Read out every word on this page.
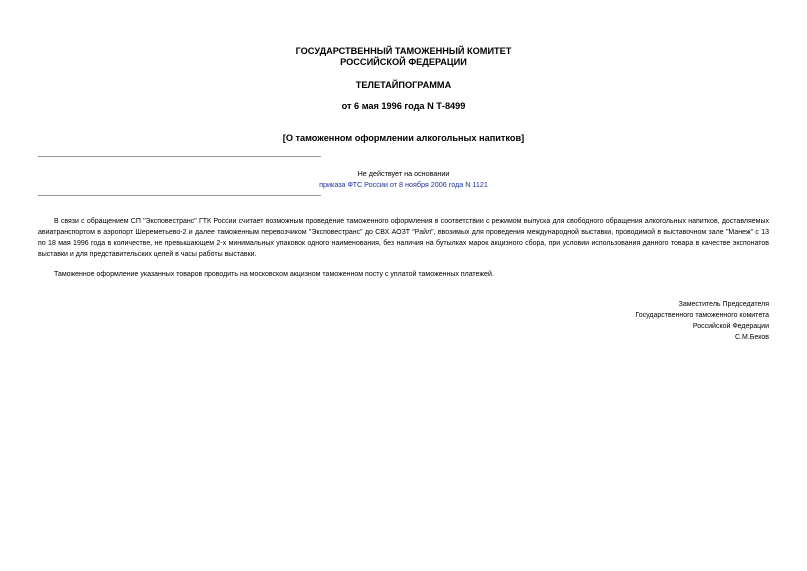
ГОСУДАРСТВЕННЫЙ ТАМОЖЕННЫЙ КОМИТЕТ
РОССИЙСКОЙ ФЕДЕРАЦИИ
ТЕЛЕТАЙПОГРАММА
от 6 мая 1996 года N Т-8499
[О таможенном оформлении алкогольных напитков]
Не действует на основании
приказа ФТС России от 8 ноября 2006 года N 1121
В связи с обращением СП "Эксповестранс" ГТК России считает возможным проведение таможенного оформления в соответствии с режимом выпуска для свободного обращения алкогольных напитков, доставляемых авиатранспортом в аэропорт Шереметьево-2 и далее таможенным перевозчиком "Эксповестранс" до СВХ АОЗТ "Райл", ввозимых для проведения международной выставки, проводимой в выставочном зале "Манеж" с 13 по 18 мая 1996 года в количестве, не превышающем 2-х минимальных упаковок одного наименования, без наличия на бутылках марок акцизного сбора, при условии использования данного товара в качестве экспонатов выставки и для представительских целей в часы работы выставки.
Таможенное оформление указанных товаров проводить на московском акцизном таможенном посту с уплатой таможенных платежей.
Заместитель Председателя
Государственного таможенного комитета
Российской Федерации
С.М.Беков
